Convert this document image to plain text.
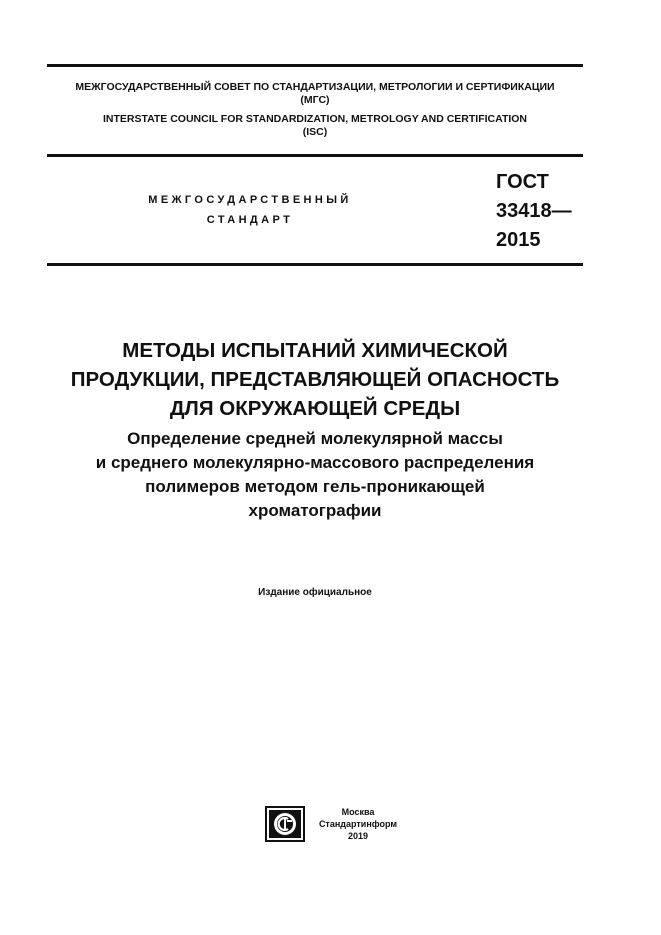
МЕЖГОСУДАРСТВЕННЫЙ СОВЕТ ПО СТАНДАРТИЗАЦИИ, МЕТРОЛОГИИ И СЕРТИФИКАЦИИ
(МГС)
INTERSTATE COUNCIL FOR STANDARDIZATION, METROLOGY AND CERTIFICATION
(ISC)
МЕЖГОСУДАРСТВЕННЫЙ
СТАНДАРТ
ГОСТ
33418—
2015
МЕТОДЫ ИСПЫТАНИЙ ХИМИЧЕСКОЙ
ПРОДУКЦИИ, ПРЕДСТАВЛЯЮЩЕЙ ОПАСНОСТЬ
ДЛЯ ОКРУЖАЮЩЕЙ СРЕДЫ
Определение средней молекулярной массы
и среднего молекулярно-массового распределения
полимеров методом гель-проникающей
хроматографии
Издание официальное
Москва
Стандартинформ
2019
